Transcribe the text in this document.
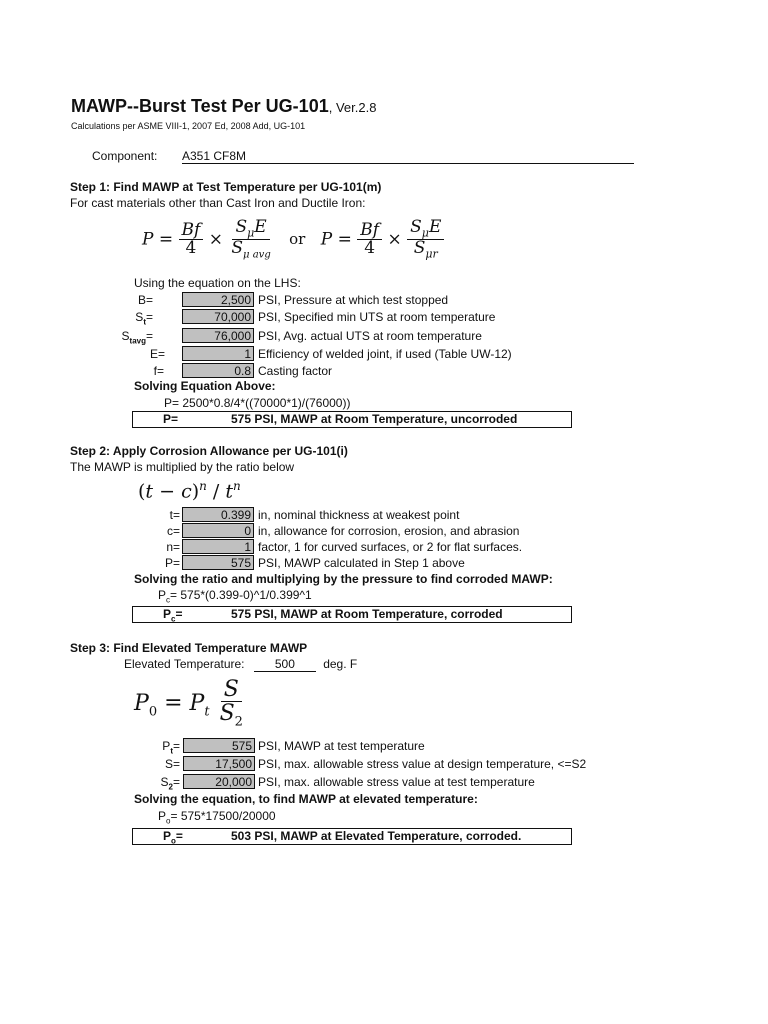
MAWP--Burst Test Per UG-101, Ver.2.8
Calculations per ASME VIII-1, 2007 Ed, 2008 Add, UG-101
Component: A351 CF8M
Step 1: Find MAWP at Test Temperature per UG-101(m)
For cast materials other than Cast Iron and Ductile Iron:
$P = \frac{Bf}{4} \times \frac{S_\mu E}{S_{\mu avg}}$ or $P = \frac{Bf}{4} \times \frac{S_\mu E}{S_{\mu r}}$
Using the equation on the LHS:
B=	2,500 PSI, Pressure at which test stopped
$S_t=$	70,000 PSI, Specified min UTS at room temperature
$S_{tavg}=$	76,000 PSI, Avg. actual UTS at room temperature
E=	1 Efficiency of welded joint, if used (Table UW-12)
f=	0.8 Casting factor
Solving Equation Above:
P= 2500*0.8/4*((70000*1)/(76000))
P=	575 PSI, MAWP at Room Temperature, uncorroded
Step 2: Apply Corrosion Allowance per UG-101(i)
The MAWP is multiplied by the ratio below
$(t - c)^n / t^n$
t=	0.399 in, nominal thickness at weakest point
c=	0 in, allowance for corrosion, erosion, and abrasion
n=	1 factor, 1 for curved surfaces, or 2 for flat surfaces.
P=	575 PSI, MAWP calculated in Step 1 above
Solving the ratio and multiplying by the pressure to find corroded MAWP:
$P_c=$ 575*(0.399-0)^1/0.399^1
$P_c=$	575 PSI, MAWP at Room Temperature, corroded
Step 3: Find Elevated Temperature MAWP
Elevated Temperature:	500 deg. F
$P_0 = P_t \frac{S}{S_2}$
$P_t=$	575 PSI, MAWP at test temperature
S=	17,500 PSI, max. allowable stress value at design temperature, <=S2
$S_2=$	20,000 PSI, max. allowable stress value at test temperature
Solving the equation, to find MAWP at elevated temperature:
$P_o= 575*17500/20000$
$P_o=$	503 PSI, MAWP at Elevated Temperature, corroded.
